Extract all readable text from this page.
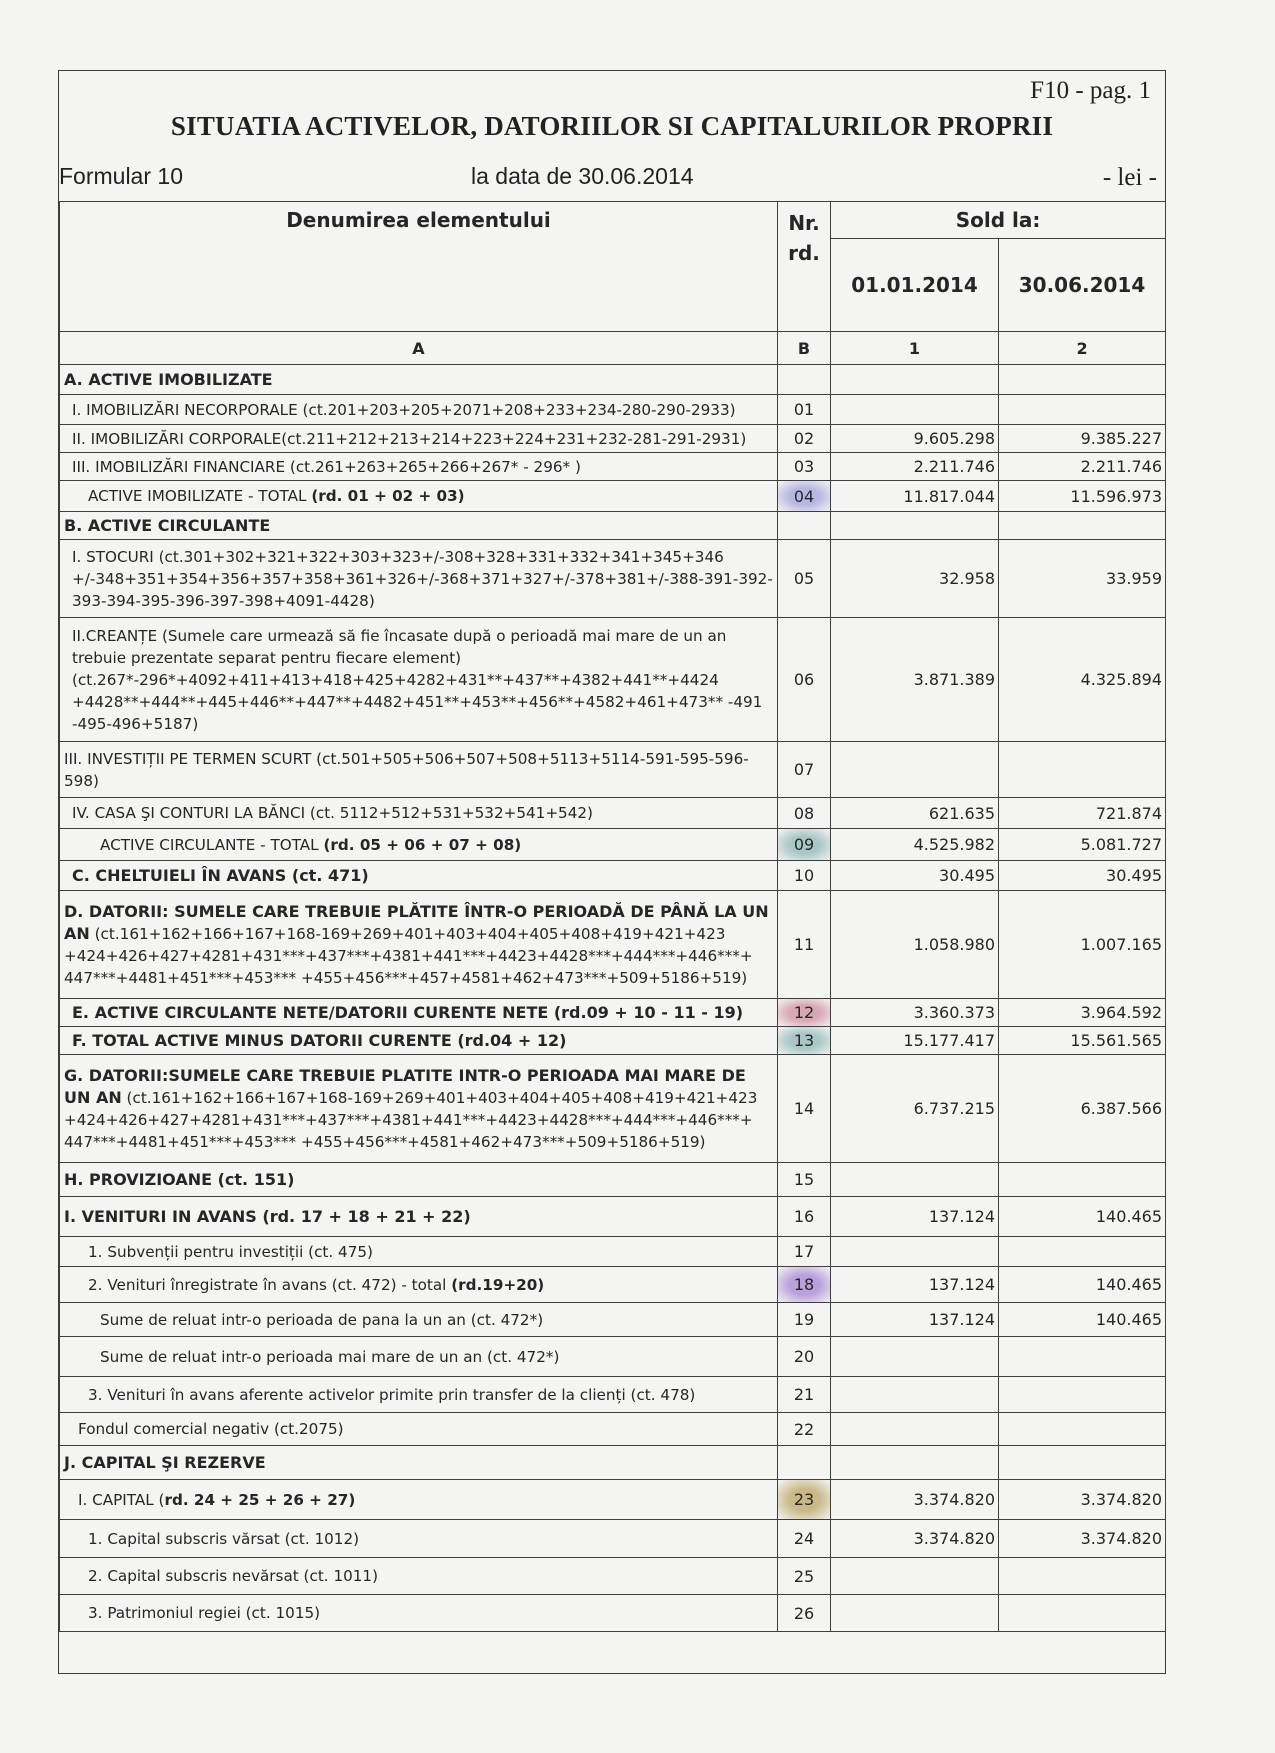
F10 - pag. 1
SITUATIA ACTIVELOR, DATORIILOR SI CAPITALURILOR PROPRII
Formular 10	la data de 30.06.2014	- lei -
Denumirea elementului	Nr. rd.	Sold la:	
		01.01.2014	30.06.2014
A	B	1	2
A. ACTIVE IMOBILIZATE			
I. IMOBILIZĂRI NECORPORALE (ct.201+203+205+2071+208+233+234-280-290-2933)	01		
II. IMOBILIZĂRI CORPORALE(ct.211+212+213+214+223+224+231+232-281-291-2931)	02	9.605.298	9.385.227
III. IMOBILIZĂRI FINANCIARE (ct.261+263+265+266+267* - 296* )	03	2.211.746	2.211.746
ACTIVE IMOBILIZATE - TOTAL (rd. 01 + 02 + 03)	04	11.817.044	11.596.973
B. ACTIVE CIRCULANTE			
I. STOCURI (ct.301+302+321+322+303+323+/-308+328+331+332+341+345+346 +/-348+351+354+356+357+358+361+326+/-368+371+327+/-378+381+/-388-391-392-393-394-395-396-397-398+4091-4428)	05	32.958	33.959
II.CREANȚE (Sumele care urmează să fie încasate după o perioadă mai mare de un an trebuie prezentate separat pentru fiecare element) (ct.267*-296*+4092+411+413+418+425+4282+431**+437**+4382+441**+4424 +4428**+444**+445+446**+447**+4482+451**+453**+456**+4582+461+473** -491 -495-496+5187)	06	3.871.389	4.325.894
III. INVESTIȚII PE TERMEN SCURT (ct.501+505+506+507+508+5113+5114-591-595-596-598)	07		
IV. CASA ŞI CONTURI LA BĂNCI (ct. 5112+512+531+532+541+542)	08	621.635	721.874
ACTIVE CIRCULANTE - TOTAL (rd. 05 + 06 + 07 + 08)	09	4.525.982	5.081.727
C. CHELTUIELI ÎN AVANS (ct. 471)	10	30.495	30.495
D. DATORII: SUMELE CARE TREBUIE PLĂTITE ÎNTR-O PERIOADĂ DE PÂNĂ LA UN AN (ct.161+162+166+167+168-169+269+401+403+404+405+408+419+421+423 +424+426+427+4281+431***+437***+4381+441***+4423+4428***+444***+446***+ 447***+4481+451***+453*** +455+456***+457+4581+462+473***+509+5186+519)	11	1.058.980	1.007.165
E. ACTIVE CIRCULANTE NETE/DATORII CURENTE NETE (rd.09 + 10 - 11 - 19)	12	3.360.373	3.964.592
F. TOTAL ACTIVE MINUS DATORII CURENTE (rd.04 + 12)	13	15.177.417	15.561.565
G. DATORII:SUMELE CARE TREBUIE PLATITE INTR-O PERIOADA MAI MARE DE UN AN (ct.161+162+166+167+168-169+269+401+403+404+405+408+419+421+423 +424+426+427+4281+431***+437***+4381+441***+4423+4428***+444***+446***+ 447***+4481+451***+453*** +455+456***+4581+462+473***+509+5186+519)	14	6.737.215	6.387.566
H. PROVIZIOANE (ct. 151)	15		
I. VENITURI IN AVANS (rd. 17 + 18 + 21 + 22)	16	137.124	140.465
1. Subvenții pentru investiții (ct. 475)	17		
2. Venituri înregistrate în avans (ct. 472) - total (rd.19+20)	18	137.124	140.465
Sume de reluat intr-o perioada de pana la un an (ct. 472*)	19	137.124	140.465
Sume de reluat intr-o perioada mai mare de un an (ct. 472*)	20		
3. Venituri în avans aferente activelor primite prin transfer de la clienți (ct. 478)	21		
Fondul comercial negativ (ct.2075)	22		
J. CAPITAL ŞI REZERVE			
I. CAPITAL (rd. 24 + 25 + 26 + 27)	23	3.374.820	3.374.820
1. Capital subscris vărsat (ct. 1012)	24	3.374.820	3.374.820
2. Capital subscris nevărsat (ct. 1011)	25		
3. Patrimoniul regiei (ct. 1015)	26		
